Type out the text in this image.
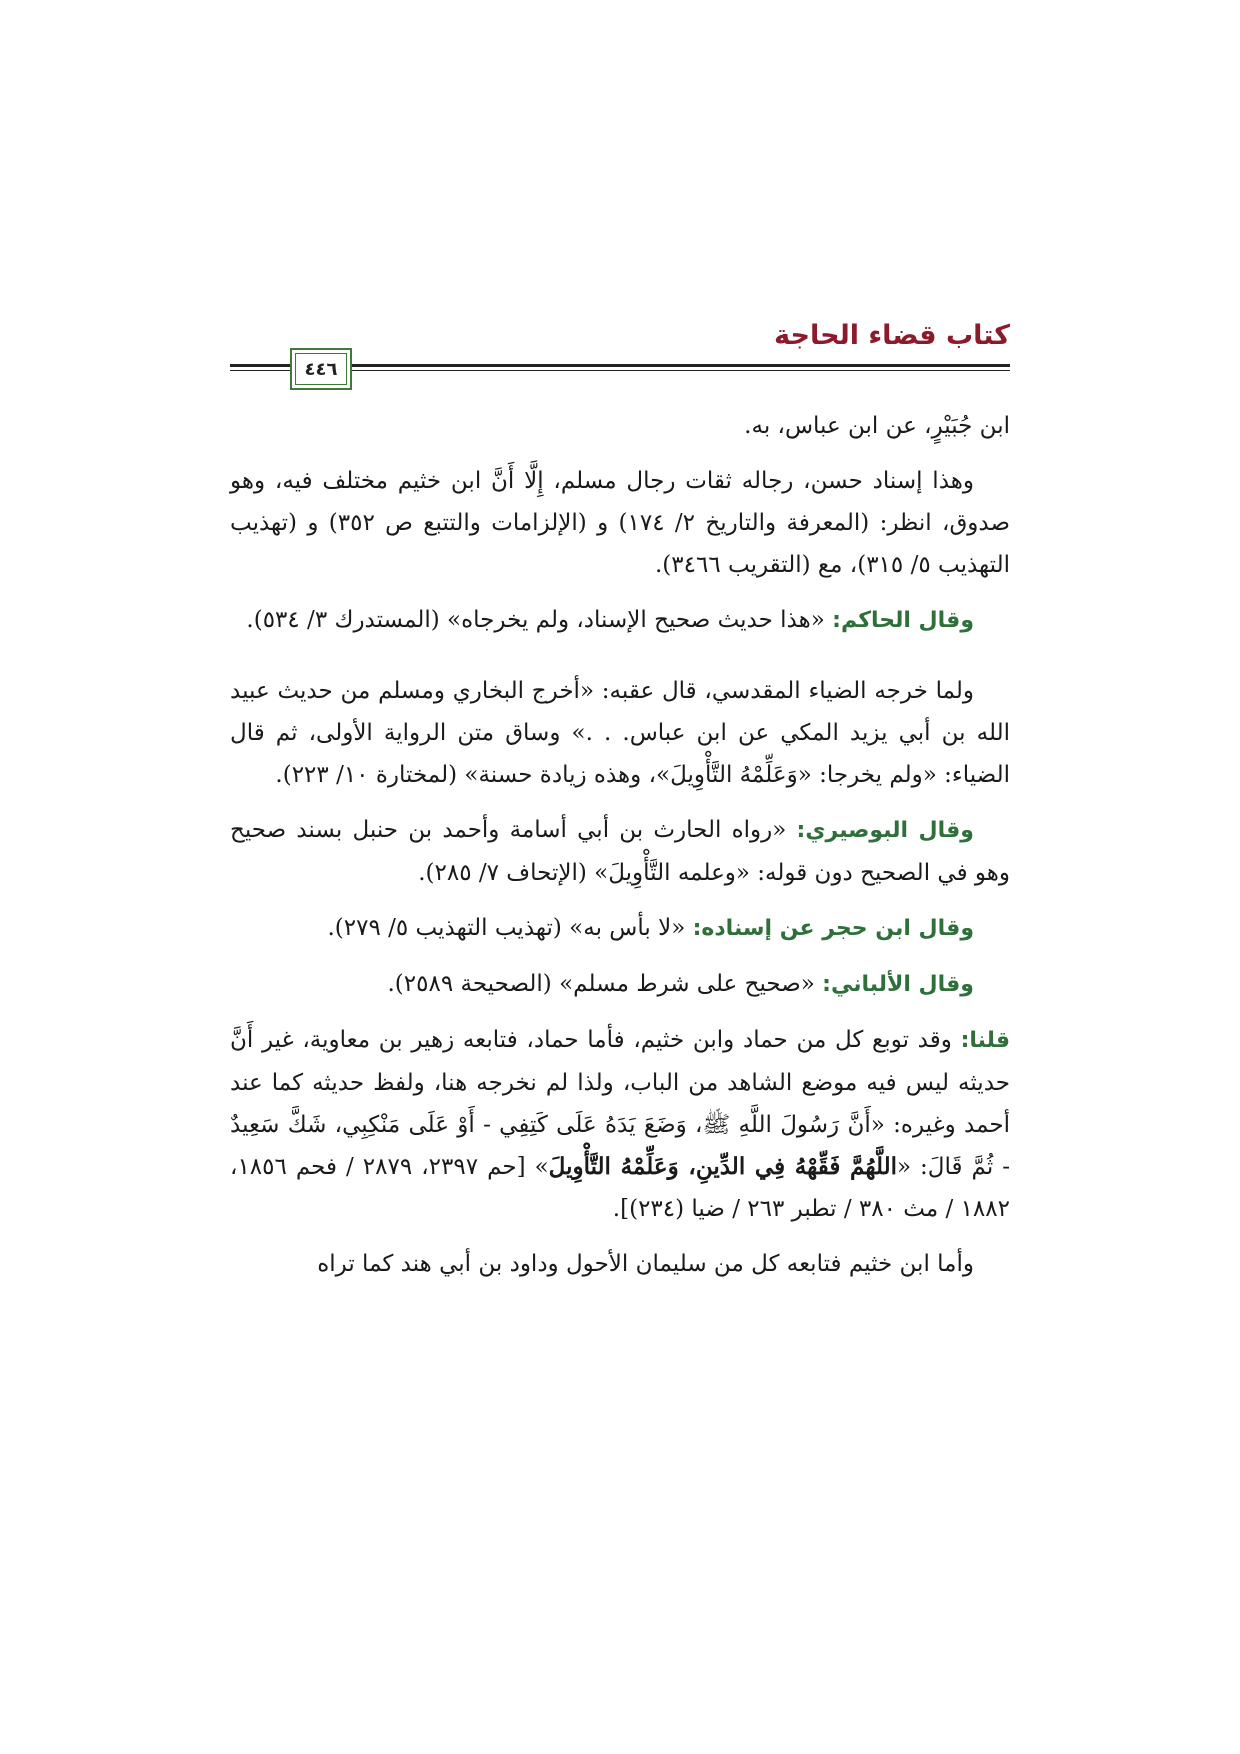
كتاب قضاء الحاجة
٤٤٦

ابن جُبَيْرٍ، عن ابن عباس، به.

وهذا إسناد حسن، رجاله ثقات رجال مسلم، إِلَّا أَنَّ ابن خثيم مختلف فيه، وهو صدوق، انظر: (المعرفة والتاريخ ٢/ ١٧٤) و (الإلزامات والتتبع ص ٣٥٢) و (تهذيب التهذيب ٥/ ٣١٥)، مع (التقريب ٣٤٦٦).

وقال الحاكم: «هذا حديث صحيح الإسناد، ولم يخرجاه» (المستدرك ٣/ ٥٣٤).

ولما خرجه الضياء المقدسي، قال عقبه: «أخرج البخاري ومسلم من حديث عبيد الله بن أبي يزيد المكي عن ابن عباس. . .» وساق متن الرواية الأولى، ثم قال الضياء: «ولم يخرجا: «وَعَلِّمْهُ التَّأْوِيلَ»، وهذه زيادة حسنة» (لمختارة ١٠/ ٢٢٣).

وقال البوصيري: «رواه الحارث بن أبي أسامة وأحمد بن حنبل بسند صحيح وهو في الصحيح دون قوله: «وعلمه التَّأْوِيلَ» (الإتحاف ٧/ ٢٨٥).

وقال ابن حجر عن إسناده: «لا بأس به» (تهذيب التهذيب ٥/ ٢٧٩).

وقال الألباني: «صحيح على شرط مسلم» (الصحيحة ٢٥٨٩).

قلنا: وقد توبع كل من حماد وابن خثيم، فأما حماد، فتابعه زهير بن معاوية، غير أَنَّ حديثه ليس فيه موضع الشاهد من الباب، ولذا لم نخرجه هنا، ولفظ حديثه كما عند أحمد وغيره: «أَنَّ رَسُولَ اللَّهِ ﷺ، وَضَعَ يَدَهُ عَلَى كَتِفِي - أَوْ عَلَى مَنْكِبِي، شَكَّ سَعِيدٌ - ثُمَّ قَالَ: «اللَّهُمَّ فَقِّهْهُ فِي الدِّينِ، وَعَلِّمْهُ التَّأْوِيلَ» [حم ٢٣٩٧، ٢٨٧٩ / فحم ١٨٥٦، ١٨٨٢ / مث ٣٨٠ / تطبر ٢٦٣ / ضيا (٢٣٤)].

وأما ابن خثيم فتابعه كل من سليمان الأحول وداود بن أبي هند كما تراه
